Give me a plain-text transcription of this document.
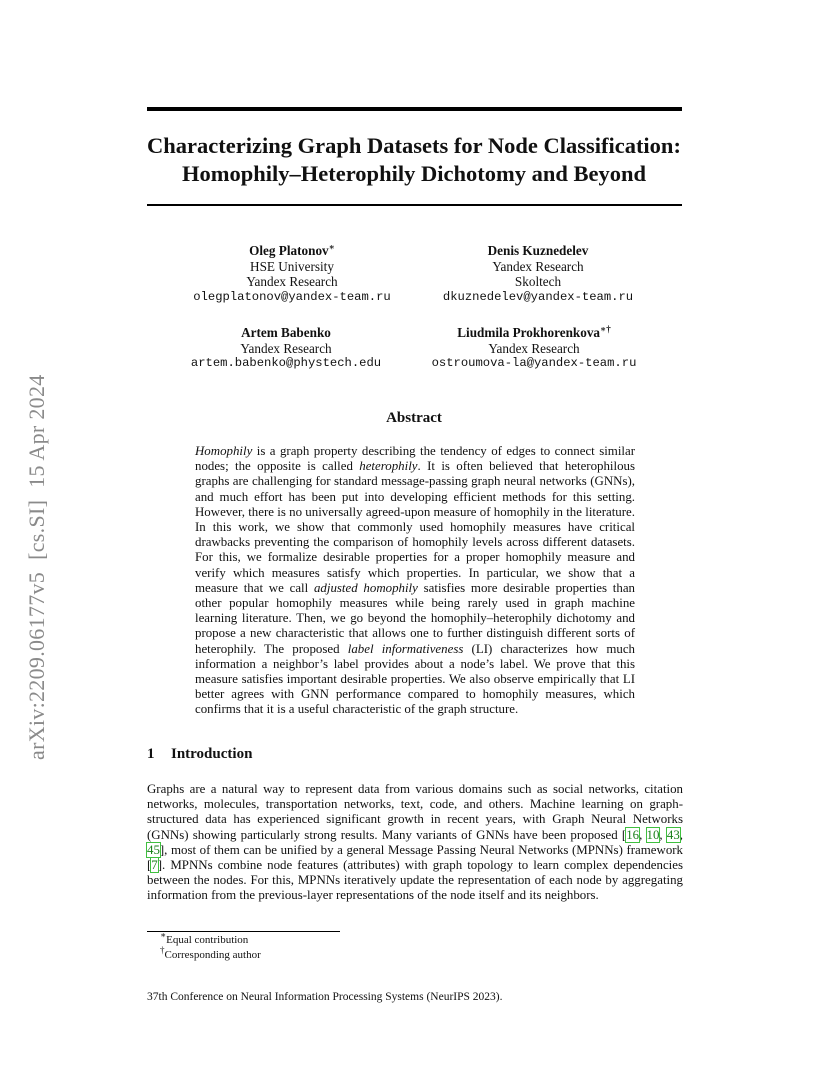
arXiv:2209.06177v5[cs.SI]15 Apr 2024
Characterizing Graph Datasets for Node Classification:
Homophily–Heterophily Dichotomy and Beyond
Oleg Platonov∗
HSE University
Yandex Research
olegplatonov@yandex-team.ru
Denis Kuznedelev
Yandex Research
Skoltech
dkuznedelev@yandex-team.ru
Artem Babenko
Yandex Research
artem.babenko@phystech.edu
Liudmila Prokhorenkova∗†
Yandex Research
ostroumova-la@yandex-team.ru
Abstract

Homophily is a graph property describing the tendency of edges to connect similar nodes; the opposite is called heterophily. It is often believed that heterophilous graphs are challenging for standard message-passing graph neural networks (GNNs), and much effort has been put into developing efficient methods for this setting. However, there is no universally agreed-upon measure of homophily in the literature. In this work, we show that commonly used homophily measures have critical drawbacks preventing the comparison of homophily levels across different datasets. For this, we formalize desirable properties for a proper homophily measure and verify which measures satisfy which properties. In particular, we show that a measure that we call adjusted homophily satisfies more desirable properties than other popular homophily measures while being rarely used in graph machine learning literature. Then, we go beyond the homophily–heterophily dichotomy and propose a new characteristic that allows one to further distinguish different sorts of heterophily. The proposed label informativeness (LI) characterizes how much information a neighbor’s label provides about a node’s label. We prove that this measure satisfies important desirable properties. We also observe empirically that LI better agrees with GNN performance compared to homophily measures, which confirms that it is a useful characteristic of the graph structure.

1 Introduction

Graphs are a natural way to represent data from various domains such as social networks, citation networks, molecules, transportation networks, text, code, and others. Machine learning on graph-structured data has experienced significant growth in recent years, with Graph Neural Networks (GNNs) showing particularly strong results. Many variants of GNNs have been proposed [16, 10, 43, 45], most of them can be unified by a general Message Passing Neural Networks (MPNNs) framework [7]. MPNNs combine node features (attributes) with graph topology to learn complex dependencies between the nodes. For this, MPNNs iteratively update the representation of each node by aggregating information from the previous-layer representations of the node itself and its neighbors.

∗Equal contribution
†Corresponding author
37th Conference on Neural Information Processing Systems (NeurIPS 2023).
